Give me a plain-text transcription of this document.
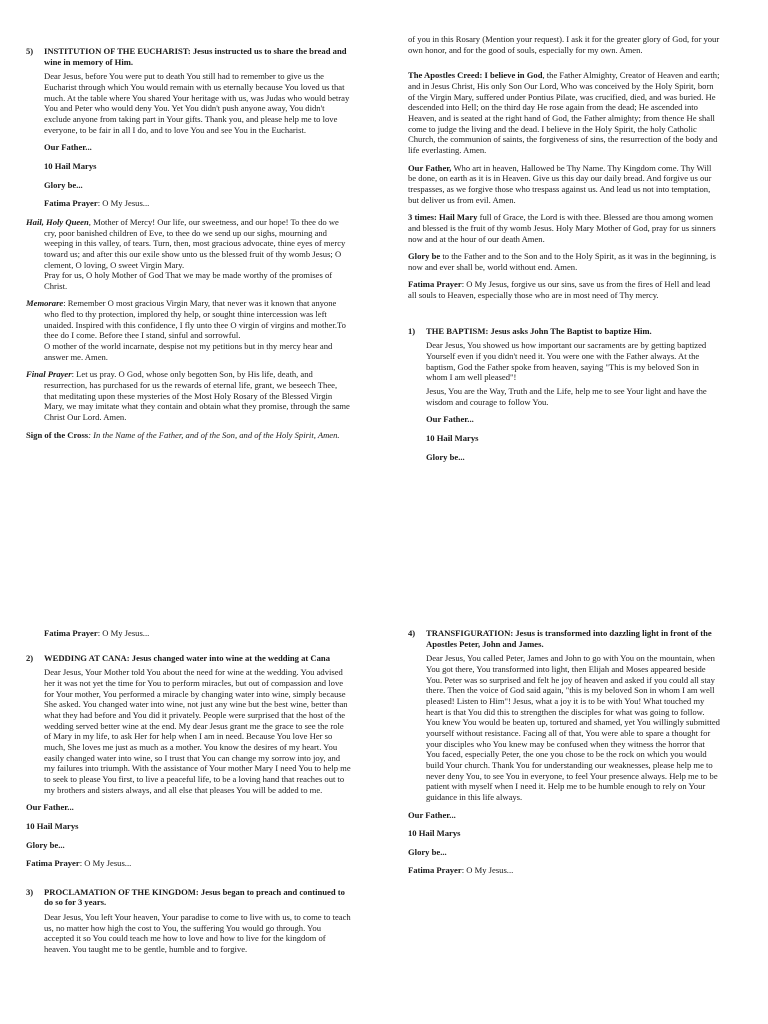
5)	INSTITUTION OF THE EUCHARIST: Jesus instructed us to share the bread and wine in memory of Him.

Dear Jesus, before You were put to death You still had to remember to give us the Eucharist through which You would remain with us eternally because You loved us that much. At the table where You shared Your heritage with us, was Judas who would betray You and Peter who would deny You. Yet You didn't push anyone away, You didn't exclude anyone from taking part in Your gifts. Thank you, and please help me to love everyone, to be fair in all I do, and to love You and see You in the Eucharist.

Our Father...
10 Hail Marys
Glory be...
Fatima Prayer: O My Jesus...
Hail, Holy Queen, Mother of Mercy! Our life, our sweetness, and our hope! To thee do we cry, poor banished children of Eve, to thee do we send up our sighs, mourning and weeping in this valley, of tears. Turn, then, most gracious advocate, thine eyes of mercy toward us; and after this our exile show unto us the blessed fruit of thy womb Jesus; O clement, O loving, O sweet Virgin Mary.
Pray for us, O holy Mother of God That we may be made worthy of the promises of Christ.
Memorare: Remember O most gracious Virgin Mary, that never was it known that anyone who fled to thy protection, implored thy help, or sought thine intercession was left unaided. Inspired with this confidence, I fly unto thee O virgin of virgins and mother.To thee do I come. Before thee I stand, sinful and sorrowful.
O mother of the world incarnate, despise not my petitions but in thy mercy hear and answer me. Amen.
Final Prayer: Let us pray. O God, whose only begotten Son, by His life, death, and resurrection, has purchased for us the rewards of eternal life, grant, we beseech Thee, that meditating upon these mysteries of the Most Holy Rosary of the Blessed Virgin Mary, we may imitate what they contain and obtain what they promise, through the same Christ Our Lord. Amen.
Sign of the Cross: In the Name of the Father, and of the Son, and of the Holy Spirit, Amen.

of you in this Rosary (Mention your request). I ask it for the greater glory of God, for your own honor, and for the good of souls, especially for my own. Amen.

The Apostles Creed: I believe in God, the Father Almighty, Creator of Heaven and earth; and in Jesus Christ, His only Son Our Lord, Who was conceived by the Holy Spirit, born of the Virgin Mary, suffered under Pontius Pilate, was crucified, died, and was buried. He descended into Hell; on the third day He rose again from the dead; He ascended into Heaven, and is seated at the right hand of God, the Father almighty; from thence He shall come to judge the living and the dead. I believe in the Holy Spirit, the holy Catholic Church, the communion of saints, the forgiveness of sins, the resurrection of the body and life everlasting. Amen.
Our Father, Who art in heaven, Hallowed be Thy Name. Thy Kingdom come. Thy Will be done, on earth as it is in Heaven. Give us this day our daily bread. And forgive us our trespasses, as we forgive those who trespass against us. And lead us not into temptation, but deliver us from evil. Amen.
3 times: Hail Mary full of Grace, the Lord is with thee. Blessed are thou among women and blessed is the fruit of thy womb Jesus. Holy Mary Mother of God, pray for us sinners now and at the hour of our death Amen.
Glory be to the Father and to the Son and to the Holy Spirit, as it was in the beginning, is now and ever shall be, world without end. Amen.
Fatima Prayer: O My Jesus, forgive us our sins, save us from the fires of Hell and lead all souls to Heaven, especially those who are in most need of Thy mercy.
1)	THE BAPTISM: Jesus asks John The Baptist to baptize Him.

Dear Jesus, You showed us how important our sacraments are by getting baptized Yourself even if you didn't need it. You were one with the Father always. At the baptism, God the Father spoke from heaven, saying "This is my beloved Son in whom I am well pleased"!

Jesus, You are the Way, Truth and the Life, help me to see Your light and have the wisdom and courage to follow You.

Our Father...
10 Hail Marys
Glory be...
Fatima Prayer: O My Jesus...
2)	WEDDING AT CANA: Jesus changed water into wine at the wedding at Cana

Dear Jesus, Your Mother told You about the need for wine at the wedding. You advised her it was not yet the time for You to perform miracles, but out of compassion and love for Your mother, You performed a miracle by changing water into wine, simply because She asked. You changed water into wine, not just any wine but the best wine, better than what they had before and You did it privately. People were surprised that the host of the wedding served better wine at the end. My dear Jesus grant me the grace to see the role of Mary in my life, to ask Her for help when I am in need. Because You love Her so much, She loves me just as much as a mother. You know the desires of my heart. You easily changed water into wine, so I trust that You can change my sorrow into joy, and my failures into triumph. With the assistance of Your mother Mary I need You to help me to seek to please You first, to live a peaceful life, to be a loving hand that reaches out to my brothers and sisters always, and all else that pleases You will be added to me.

Our Father...
10 Hail Marys
Glory be...
Fatima Prayer: O My Jesus...
3)	PROCLAMATION OF THE KINGDOM: Jesus began to preach and continued to do so for 3 years.

Dear Jesus, You left Your heaven, Your paradise to come to live with us, to come to teach us, no matter how high the cost to You, the suffering You would go through. You accepted it so You could teach me how to love and how to live for the kingdom of heaven. You taught me to be gentle, humble and to forgive.

4)	TRANSFIGURATION: Jesus is transformed into dazzling light in front of the Apostles Peter, John and James.

Dear Jesus, You called Peter, James and John to go with You on the mountain, when You got there, You transformed into light, then Elijah and Moses appeared beside You. Peter was so surprised and felt he joy of heaven and asked if you could all stay there. Then the voice of God said again, "this is my beloved Son in whom I am well pleased! Listen to Him"! Jesus, what a joy it is to be with You! What touched my heart is that You did this to strengthen the disciples for what was going to follow. You knew You would be beaten up, tortured and shamed, yet You willingly submitted yourself without resistance. Facing all of that, You were able to spare a thought for your disciples who You knew may be confused when they witness the horror that You faced, especially Peter, the one you chose to be the rock on which you would build Your church. Thank You for understanding our weaknesses, please help me to never deny You, to see You in everyone, to feel Your presence always. Help me to be patient with myself when I need it. Help me to be humble enough to rely on Your guidance in this life always.

Our Father...
10 Hail Marys
Glory be...
Fatima Prayer: O My Jesus...
